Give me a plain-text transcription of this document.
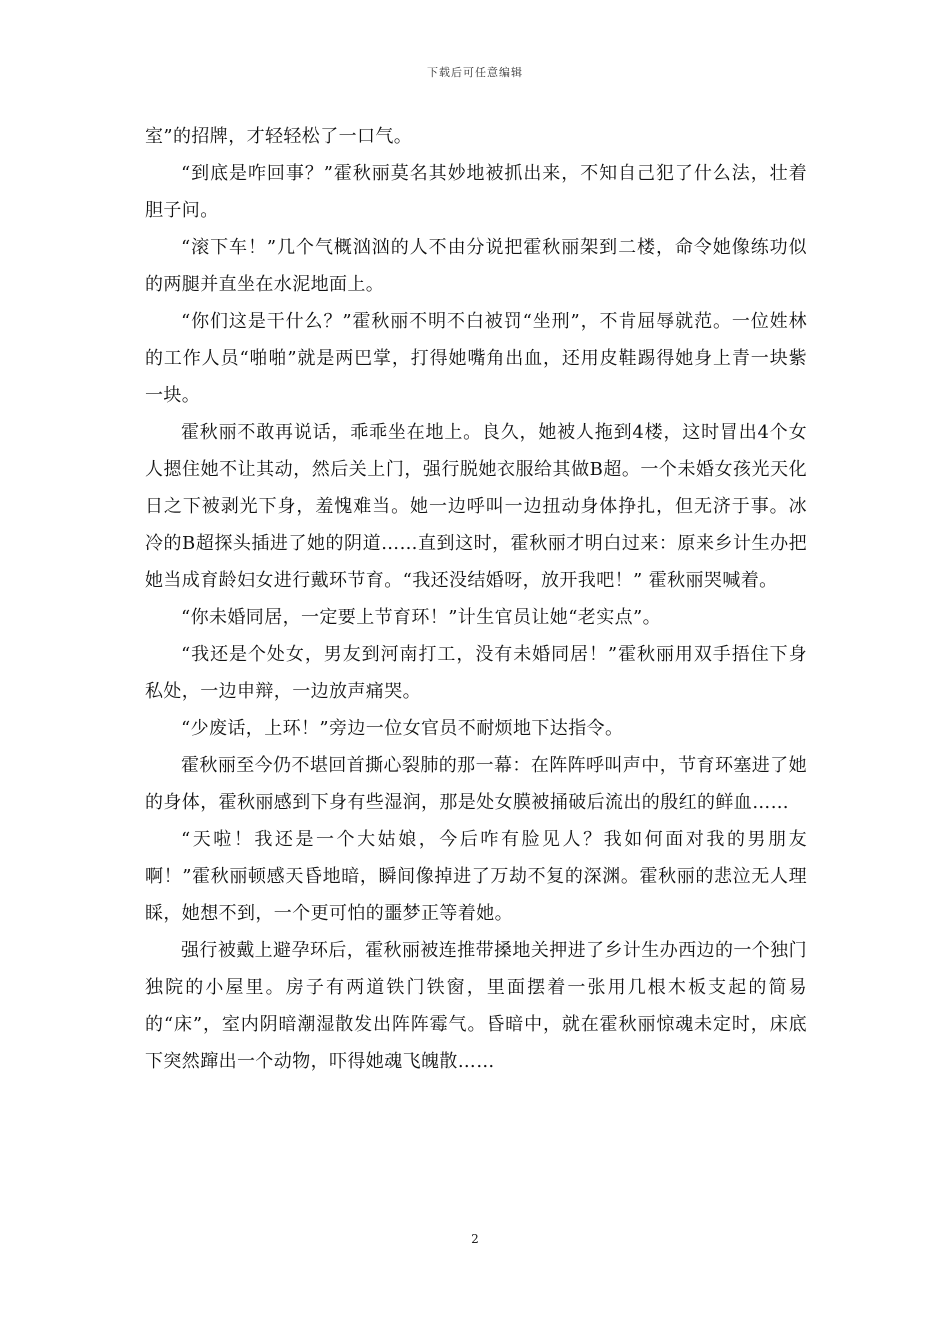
下载后可任意编辑

室”的招牌，才轻轻松了一口气。

“到底是咋回事？”霍秋丽莫名其妙地被抓出来，不知自己犯了什么法，壮着胆子问。

“滚下车！”几个气概汹汹的人不由分说把霍秋丽架到二楼，命令她像练功似的两腿并直坐在水泥地面上。

“你们这是干什么？”霍秋丽不明不白被罚“坐刑”，不肯屈辱就范。一位姓林的工作人员“啪啪”就是两巴掌，打得她嘴角出血，还用皮鞋踢得她身上青一块紫一块。

霍秋丽不敢再说话，乖乖坐在地上。良久，她被人拖到4楼，这时冒出4个女人摁住她不让其动，然后关上门，强行脱她衣服给其做B超。一个未婚女孩光天化日之下被剥光下身，羞愧难当。她一边呼叫一边扭动身体挣扎，但无济于事。冰冷的B超探头插进了她的阴道……直到这时，霍秋丽才明白过来：原来乡计生办把她当成育龄妇女进行戴环节育。“我还没结婚呀，放开我吧！” 霍秋丽哭喊着。

“你未婚同居，一定要上节育环！”计生官员让她“老实点”。

“我还是个处女，男友到河南打工，没有未婚同居！”霍秋丽用双手捂住下身私处，一边申辩，一边放声痛哭。

“少废话，上环！”旁边一位女官员不耐烦地下达指令。

霍秋丽至今仍不堪回首撕心裂肺的那一幕：在阵阵呼叫声中，节育环塞进了她的身体，霍秋丽感到下身有些湿润，那是处女膜被捅破后流出的殷红的鲜血……

“天啦！我还是一个大姑娘，今后咋有脸见人？我如何面对我的男朋友啊！”霍秋丽顿感天昏地暗，瞬间像掉进了万劫不复的深渊。霍秋丽的悲泣无人理睬，她想不到，一个更可怕的噩梦正等着她。

强行被戴上避孕环后，霍秋丽被连推带搡地关押进了乡计生办西边的一个独门独院的小屋里。房子有两道铁门铁窗，里面摆着一张用几根木板支起的简易的“床”，室内阴暗潮湿散发出阵阵霉气。昏暗中，就在霍秋丽惊魂未定时，床底下突然蹿出一个动物，吓得她魂飞魄散……

2
